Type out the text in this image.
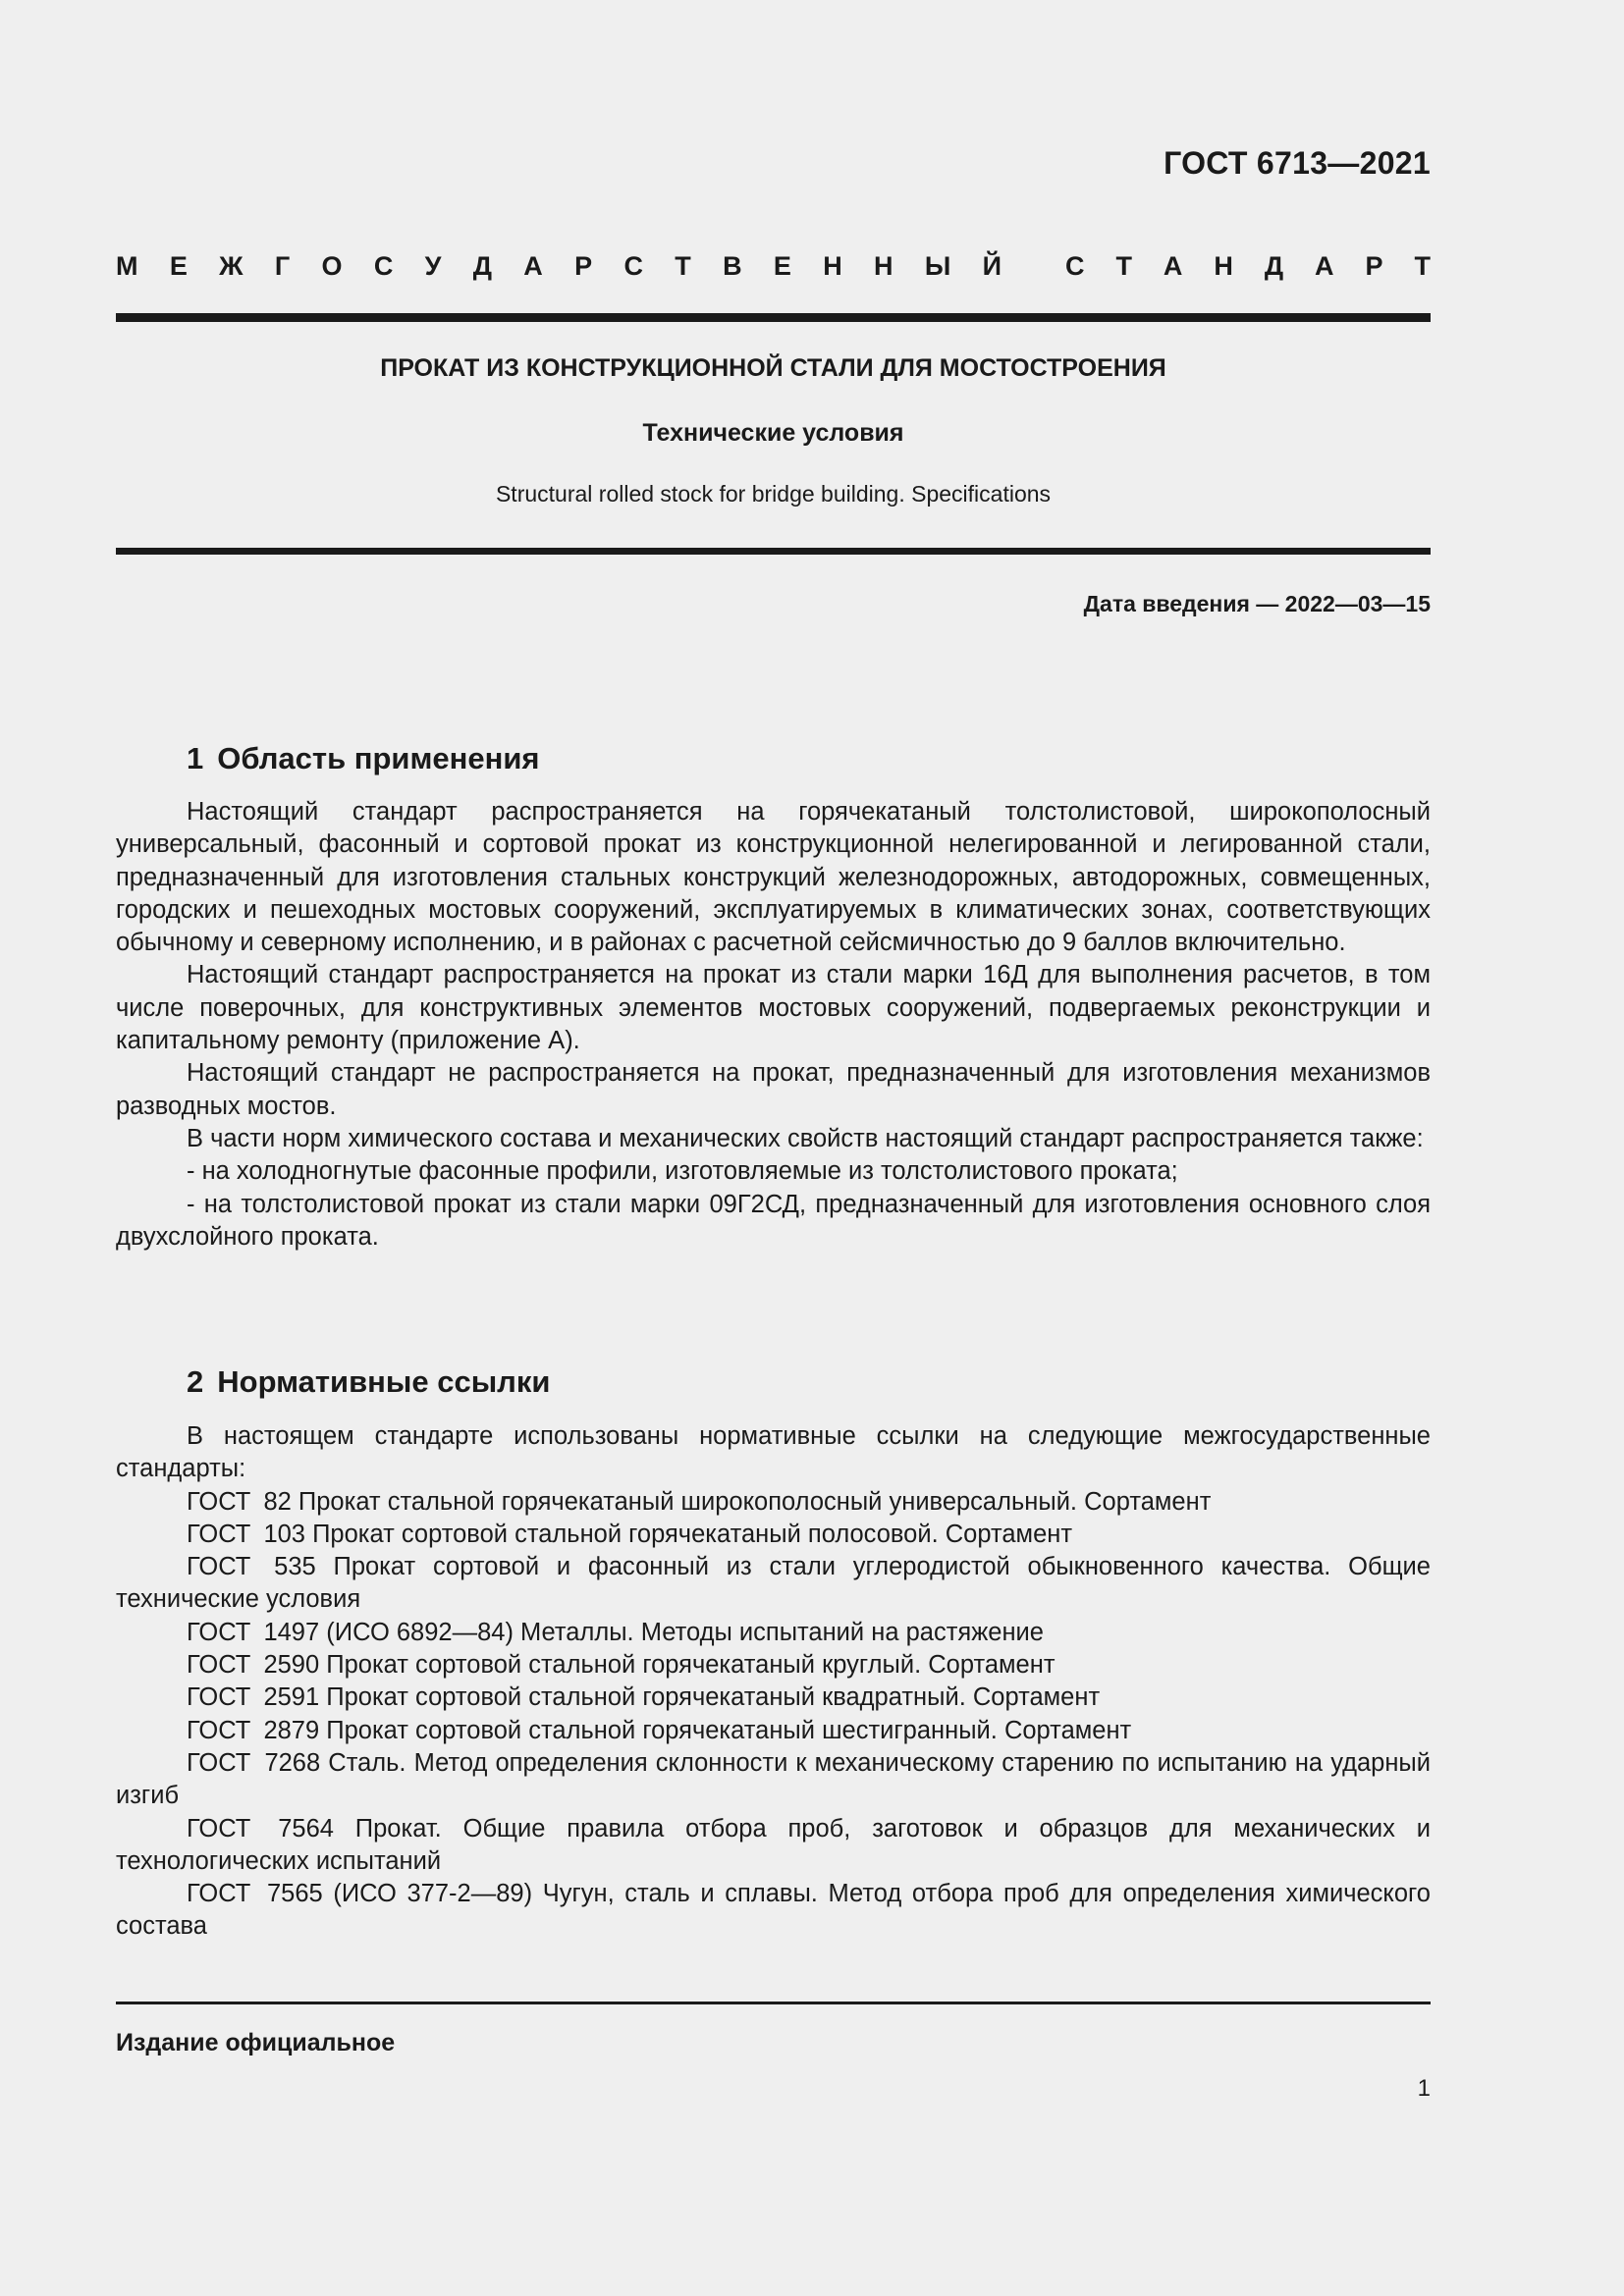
ГОСТ 6713—2021
М Е Ж Г О С У Д А Р С Т В Е Н Н Ы Й С Т А Н Д А Р Т
ПРОКАТ ИЗ КОНСТРУКЦИОННОЙ СТАЛИ ДЛЯ МОСТОСТРОЕНИЯ
Технические условия
Structural rolled stock for bridge building. Specifications
Дата введения — 2022—03—15
1 Область применения

Настоящий стандарт распространяется на горячекатаный толстолистовой, широкополосный универсальный, фасонный и сортовой прокат из конструкционной нелегированной и легированной стали, предназначенный для изготовления стальных конструкций железнодорожных, автодорожных, совмещенных, городских и пешеходных мостовых сооружений, эксплуатируемых в климатических зонах, соответствующих обычному и северному исполнению, и в районах с расчетной сейсмичностью до 9 баллов включительно.

Настоящий стандарт распространяется на прокат из стали марки 16Д для выполнения расчетов, в том числе поверочных, для конструктивных элементов мостовых сооружений, подвергаемых реконструкции и капитальному ремонту (приложение А).

Настоящий стандарт не распространяется на прокат, предназначенный для изготовления механизмов разводных мостов.

В части норм химического состава и механических свойств настоящий стандарт распространяется также:

- на холодногнутые фасонные профили, изготовляемые из толстолистового проката;

- на толстолистовой прокат из стали марки 09Г2СД, предназначенный для изготовления основного слоя двухслойного проката.

2 Нормативные ссылки

В настоящем стандарте использованы нормативные ссылки на следующие межгосударственные стандарты:

ГОСТ 82 Прокат стальной горячекатаный широкополосный универсальный. Сортамент

ГОСТ 103 Прокат сортовой стальной горячекатаный полосовой. Сортамент

ГОСТ 535 Прокат сортовой и фасонный из стали углеродистой обыкновенного качества. Общие технические условия

ГОСТ 1497 (ИСО 6892—84) Металлы. Методы испытаний на растяжение

ГОСТ 2590 Прокат сортовой стальной горячекатаный круглый. Сортамент

ГОСТ 2591 Прокат сортовой стальной горячекатаный квадратный. Сортамент

ГОСТ 2879 Прокат сортовой стальной горячекатаный шестигранный. Сортамент

ГОСТ 7268 Сталь. Метод определения склонности к механическому старению по испытанию на ударный изгиб

ГОСТ 7564 Прокат. Общие правила отбора проб, заготовок и образцов для механических и технологических испытаний

ГОСТ 7565 (ИСО 377-2—89) Чугун, сталь и сплавы. Метод отбора проб для определения химического состава

Издание официальное
1
